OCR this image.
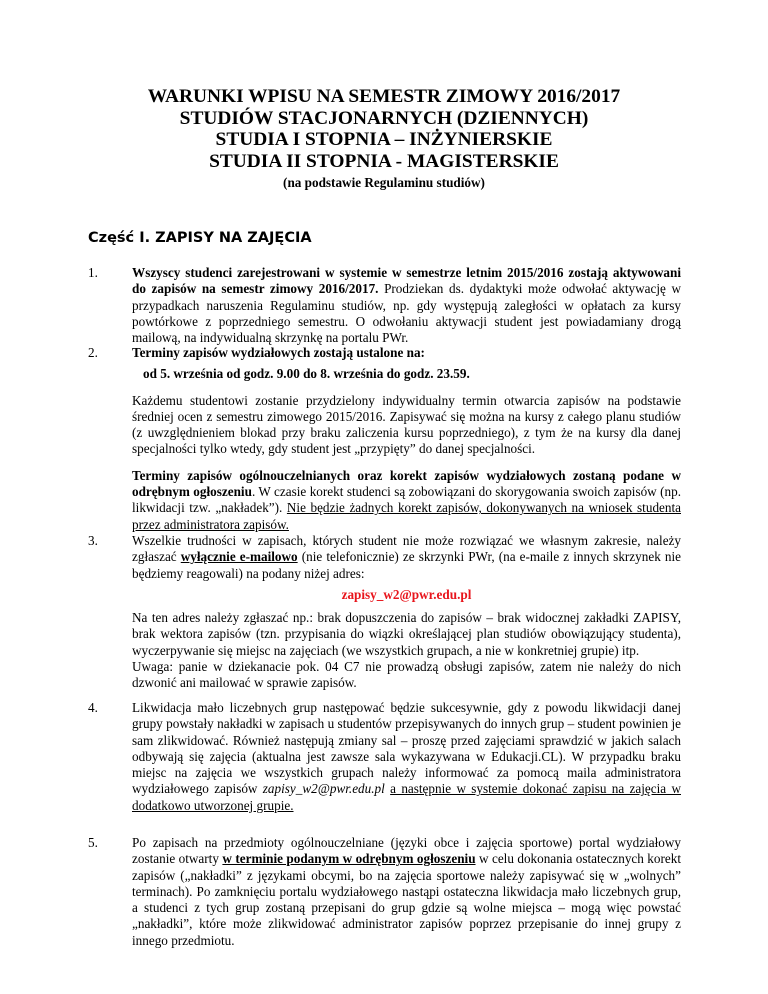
WARUNKI WPISU NA SEMESTR ZIMOWY 2016/2017

STUDIÓW STACJONARNYCH (DZIENNYCH)

STUDIA I STOPNIA – INŻYNIERSKIE

STUDIA II STOPNIA - MAGISTERSKIE

(na podstawie Regulaminu studiów)
Część I. ZAPISY NA ZAJĘCIA
1.	Wszyscy studenci zarejestrowani w systemie w semestrze letnim 2015/2016 zostają aktywowani do zapisów na semestr zimowy 2016/2017. Prodziekan ds. dydaktyki może odwołać aktywację w przypadkach naruszenia Regulaminu studiów, np. gdy występują zaległości w opłatach za kursy powtórkowe z poprzedniego semestru. O odwołaniu aktywacji student jest powiadamiany drogą mailową, na indywidualną skrzynkę na portalu PWr.

2.	Terminy zapisów wydziałowych zostają ustalone na:

od 5. września od godz. 9.00 do 8. września do godz. 23.59.

Każdemu studentowi zostanie przydzielony indywidualny termin otwarcia zapisów na podstawie średniej ocen z semestru zimowego 2015/2016. Zapisywać się można na kursy z całego planu studiów (z uwzględnieniem blokad przy braku zaliczenia kursu poprzedniego), z tym że na kursy dla danej specjalności tylko wtedy, gdy student jest „przypięty” do danej specjalności.

Terminy zapisów ogólnouczelnianych oraz korekt zapisów wydziałowych zostaną podane w odrębnym ogłoszeniu. W czasie korekt studenci są zobowiązani do skorygowania swoich zapisów (np. likwidacji tzw. „nakładek”). Nie będzie żadnych korekt zapisów, dokonywanych na wniosek studenta przez administratora zapisów.

3.	Wszelkie trudności w zapisach, których student nie może rozwiązać we własnym zakresie, należy zgłaszać wyłącznie e-mailowo (nie telefonicznie) ze skrzynki PWr, (na e-maile z innych skrzynek nie będziemy reagowali) na podany niżej adres:

zapisy_w2@pwr.edu.pl

Na ten adres należy zgłaszać np.: brak dopuszczenia do zapisów – brak widocznej zakładki ZAPISY, brak wektora zapisów (tzn. przypisania do wiązki określającej plan studiów obowiązujący studenta), wyczerpywanie się miejsc na zajęciach (we wszystkich grupach, a nie w konkretniej grupie) itp.

Uwaga: panie w dziekanacie pok. 04 C7 nie prowadzą obsługi zapisów, zatem nie należy do nich dzwonić ani mailować w sprawie zapisów.

4.	Likwidacja mało liczebnych grup następować będzie sukcesywnie, gdy z powodu likwidacji danej grupy powstały nakładki w zapisach u studentów przepisywanych do innych grup – student powinien je sam zlikwidować. Również następują zmiany sal – proszę przed zajęciami sprawdzić w jakich salach odbywają się zajęcia (aktualna jest zawsze sala wykazywana w Edukacji.CL). W przypadku braku miejsc na zajęcia we wszystkich grupach należy informować za pomocą maila administratora wydziałowego zapisów zapisy_w2@pwr.edu.pl a następnie w systemie dokonać zapisu na zajęcia w dodatkowo utworzonej grupie.

5.	Po zapisach na przedmioty ogólnouczelniane (języki obce i zajęcia sportowe) portal wydziałowy zostanie otwarty w terminie podanym w odrębnym ogłoszeniu w celu dokonania ostatecznych korekt zapisów („nakładki” z językami obcymi, bo na zajęcia sportowe należy zapisywać się w „wolnych” terminach). Po zamknięciu portalu wydziałowego nastąpi ostateczna likwidacja mało liczebnych grup, a studenci z tych grup zostaną przepisani do grup gdzie są wolne miejsca – mogą więc powstać „nakładki”, które może zlikwidować administrator zapisów poprzez przepisanie do innej grupy z innego przedmiotu.
